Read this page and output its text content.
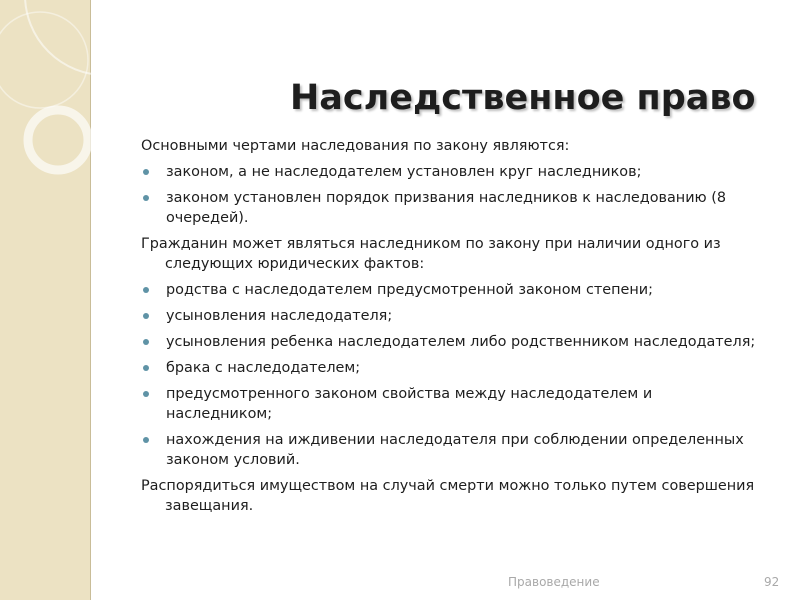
Наследственное право

Основными чертами наследования по закону являются:

законом, а не наследодателем установлен круг наследников;

законом установлен порядок призвания наследников к наследованию (8 очередей).

Гражданин может являться наследником по закону при наличии одного из следующих юридических фактов:

родства с наследодателем предусмотренной законом степени;

усыновления наследодателя;

усыновления ребенка наследодателем либо родственником наследодателя;

брака с наследодателем;

предусмотренного законом свойства между наследодателем и наследником;

нахождения на иждивении наследодателя при соблюдении определенных законом условий.

Распорядиться имуществом на случай смерти можно только путем совершения завещания.

Правоведение	92
